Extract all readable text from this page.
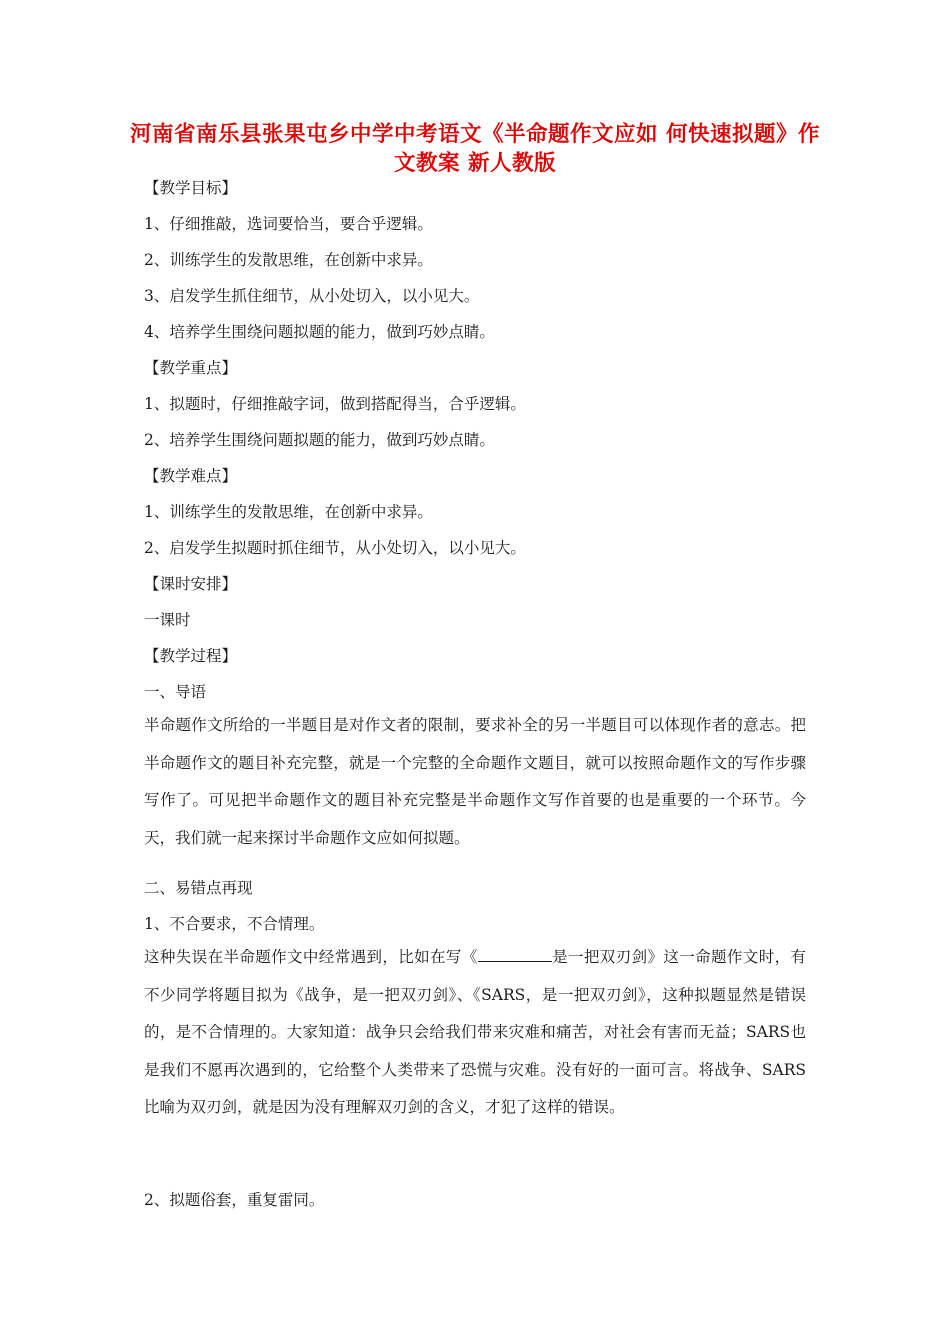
河南省南乐县张果屯乡中学中考语文《半命题作文应如 何快速拟题》作文教案 新人教版
【教学目标】
1、仔细推敲，选词要恰当，要合乎逻辑。
2、训练学生的发散思维，在创新中求异。
3、启发学生抓住细节，从小处切入，以小见大。
4、培养学生围绕问题拟题的能力，做到巧妙点睛。
【教学重点】
1、拟题时，仔细推敲字词，做到搭配得当，合乎逻辑。
2、培养学生围绕问题拟题的能力，做到巧妙点睛。
【教学难点】
1、训练学生的发散思维，在创新中求异。
2、启发学生拟题时抓住细节，从小处切入，以小见大。
【课时安排】
一课时
【教学过程】
一、导语
半命题作文所给的一半题目是对作文者的限制，要求补全的另一半题目可以体现作者的意志。把半命题作文的题目补充完整，就是一个完整的全命题作文题目，就可以按照命题作文的写作步骤写作了。可见把半命题作文的题目补充完整是半命题作文写作首要的也是重要的一个环节。今天，我们就一起来探讨半命题作文应如何拟题。
二、易错点再现
1、不合要求，不合情理。
这种失误在半命题作文中经常遇到，比如在写《	是一把双刃剑》这一命题作文时，有不少同学将题目拟为《战争，是一把双刃剑》、《SARS，是一把双刃剑》，这种拟题显然是错误的，是不合情理的。大家知道：战争只会给我们带来灾难和痛苦，对社会有害而无益；SARS也是我们不愿再次遇到的，它给整个人类带来了恐慌与灾难。没有好的一面可言。将战争、SARS比喻为双刃剑，就是因为没有理解双刃剑的含义，才犯了这样的错误。
2、拟题俗套，重复雷同。
